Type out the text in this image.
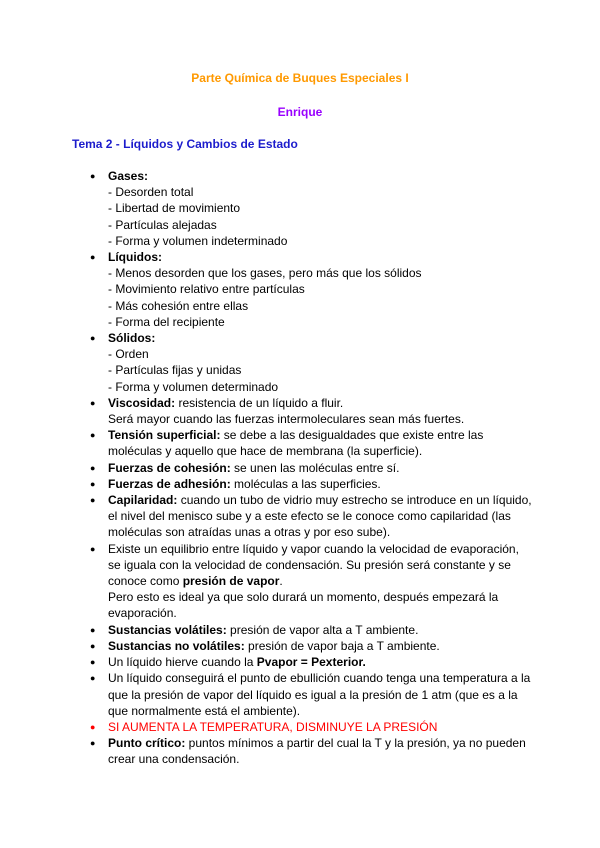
Parte Química de Buques Especiales I
Enrique
Tema 2 - Líquidos y Cambios de Estado
● Gases:
- Desorden total
- Libertad de movimiento
- Partículas alejadas
- Forma y volumen indeterminado
● Líquidos:
- Menos desorden que los gases, pero más que los sólidos
- Movimiento relativo entre partículas
- Más cohesión entre ellas
- Forma del recipiente
● Sólidos:
- Orden
- Partículas fijas y unidas
- Forma y volumen determinado
● Viscosidad: resistencia de un líquido a fluir.
Será mayor cuando las fuerzas intermoleculares sean más fuertes.
● Tensión superficial: se debe a las desigualdades que existe entre las moléculas y aquello que hace de membrana (la superficie).
● Fuerzas de cohesión: se unen las moléculas entre sí.
● Fuerzas de adhesión: moléculas a las superficies.
● Capilaridad: cuando un tubo de vidrio muy estrecho se introduce en un líquido, el nivel del menisco sube y a este efecto se le conoce como capilaridad (las moléculas son atraídas unas a otras y por eso sube).
● Existe un equilibrio entre líquido y vapor cuando la velocidad de evaporación, se iguala con la velocidad de condensación. Su presión será constante y se conoce como presión de vapor.
Pero esto es ideal ya que solo durará un momento, después empezará la evaporación.
● Sustancias volátiles: presión de vapor alta a T ambiente.
● Sustancias no volátiles: presión de vapor baja a T ambiente.
● Un líquido hierve cuando la Pvapor = Pexterior.
● Un líquido conseguirá el punto de ebullición cuando tenga una temperatura a la que la presión de vapor del líquido es igual a la presión de 1 atm (que es a la que normalmente está el ambiente).
● SI AUMENTA LA TEMPERATURA, DISMINUYE LA PRESIÓN
● Punto crítico: puntos mínimos a partir del cual la T y la presión, ya no pueden crear una condensación.
